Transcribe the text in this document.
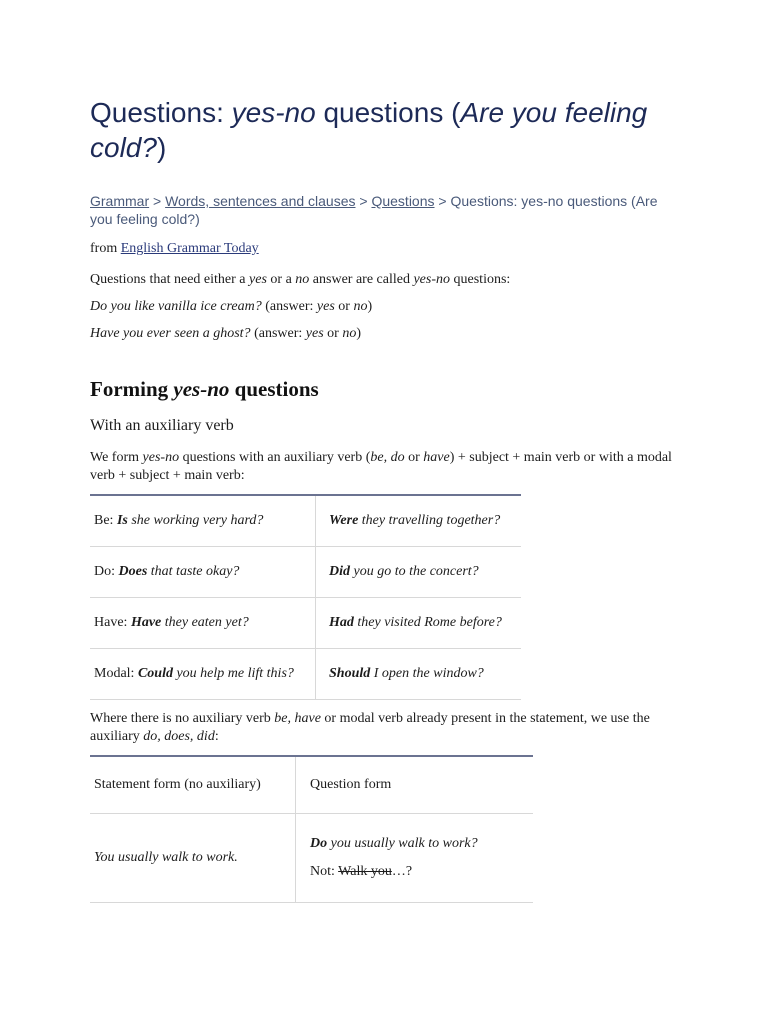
Questions: yes-no questions (Are you feeling cold?)
Grammar > Words, sentences and clauses > Questions > Questions: yes-no questions (Are you feeling cold?)

from English Grammar Today

Questions that need either a yes or a no answer are called yes-no questions:

Do you like vanilla ice cream? (answer: yes or no)

Have you ever seen a ghost? (answer: yes or no)

Forming yes-no questions
With an auxiliary verb

We form yes-no questions with an auxiliary verb (be, do or have) + subject + main verb or with a modal verb + subject + main verb:

Be: Is she working very hard?	Were they travelling together?
Do: Does that taste okay?	Did you go to the concert?
Have: Have they eaten yet?	Had they visited Rome before?
Modal: Could you help me lift this?	Should I open the window?

Where there is no auxiliary verb be, have or modal verb already present in the statement, we use the auxiliary do, does, did:

Statement form (no auxiliary)	Question form
You usually walk to work.	Do you usually walk to work?
Not: Walk you…?
